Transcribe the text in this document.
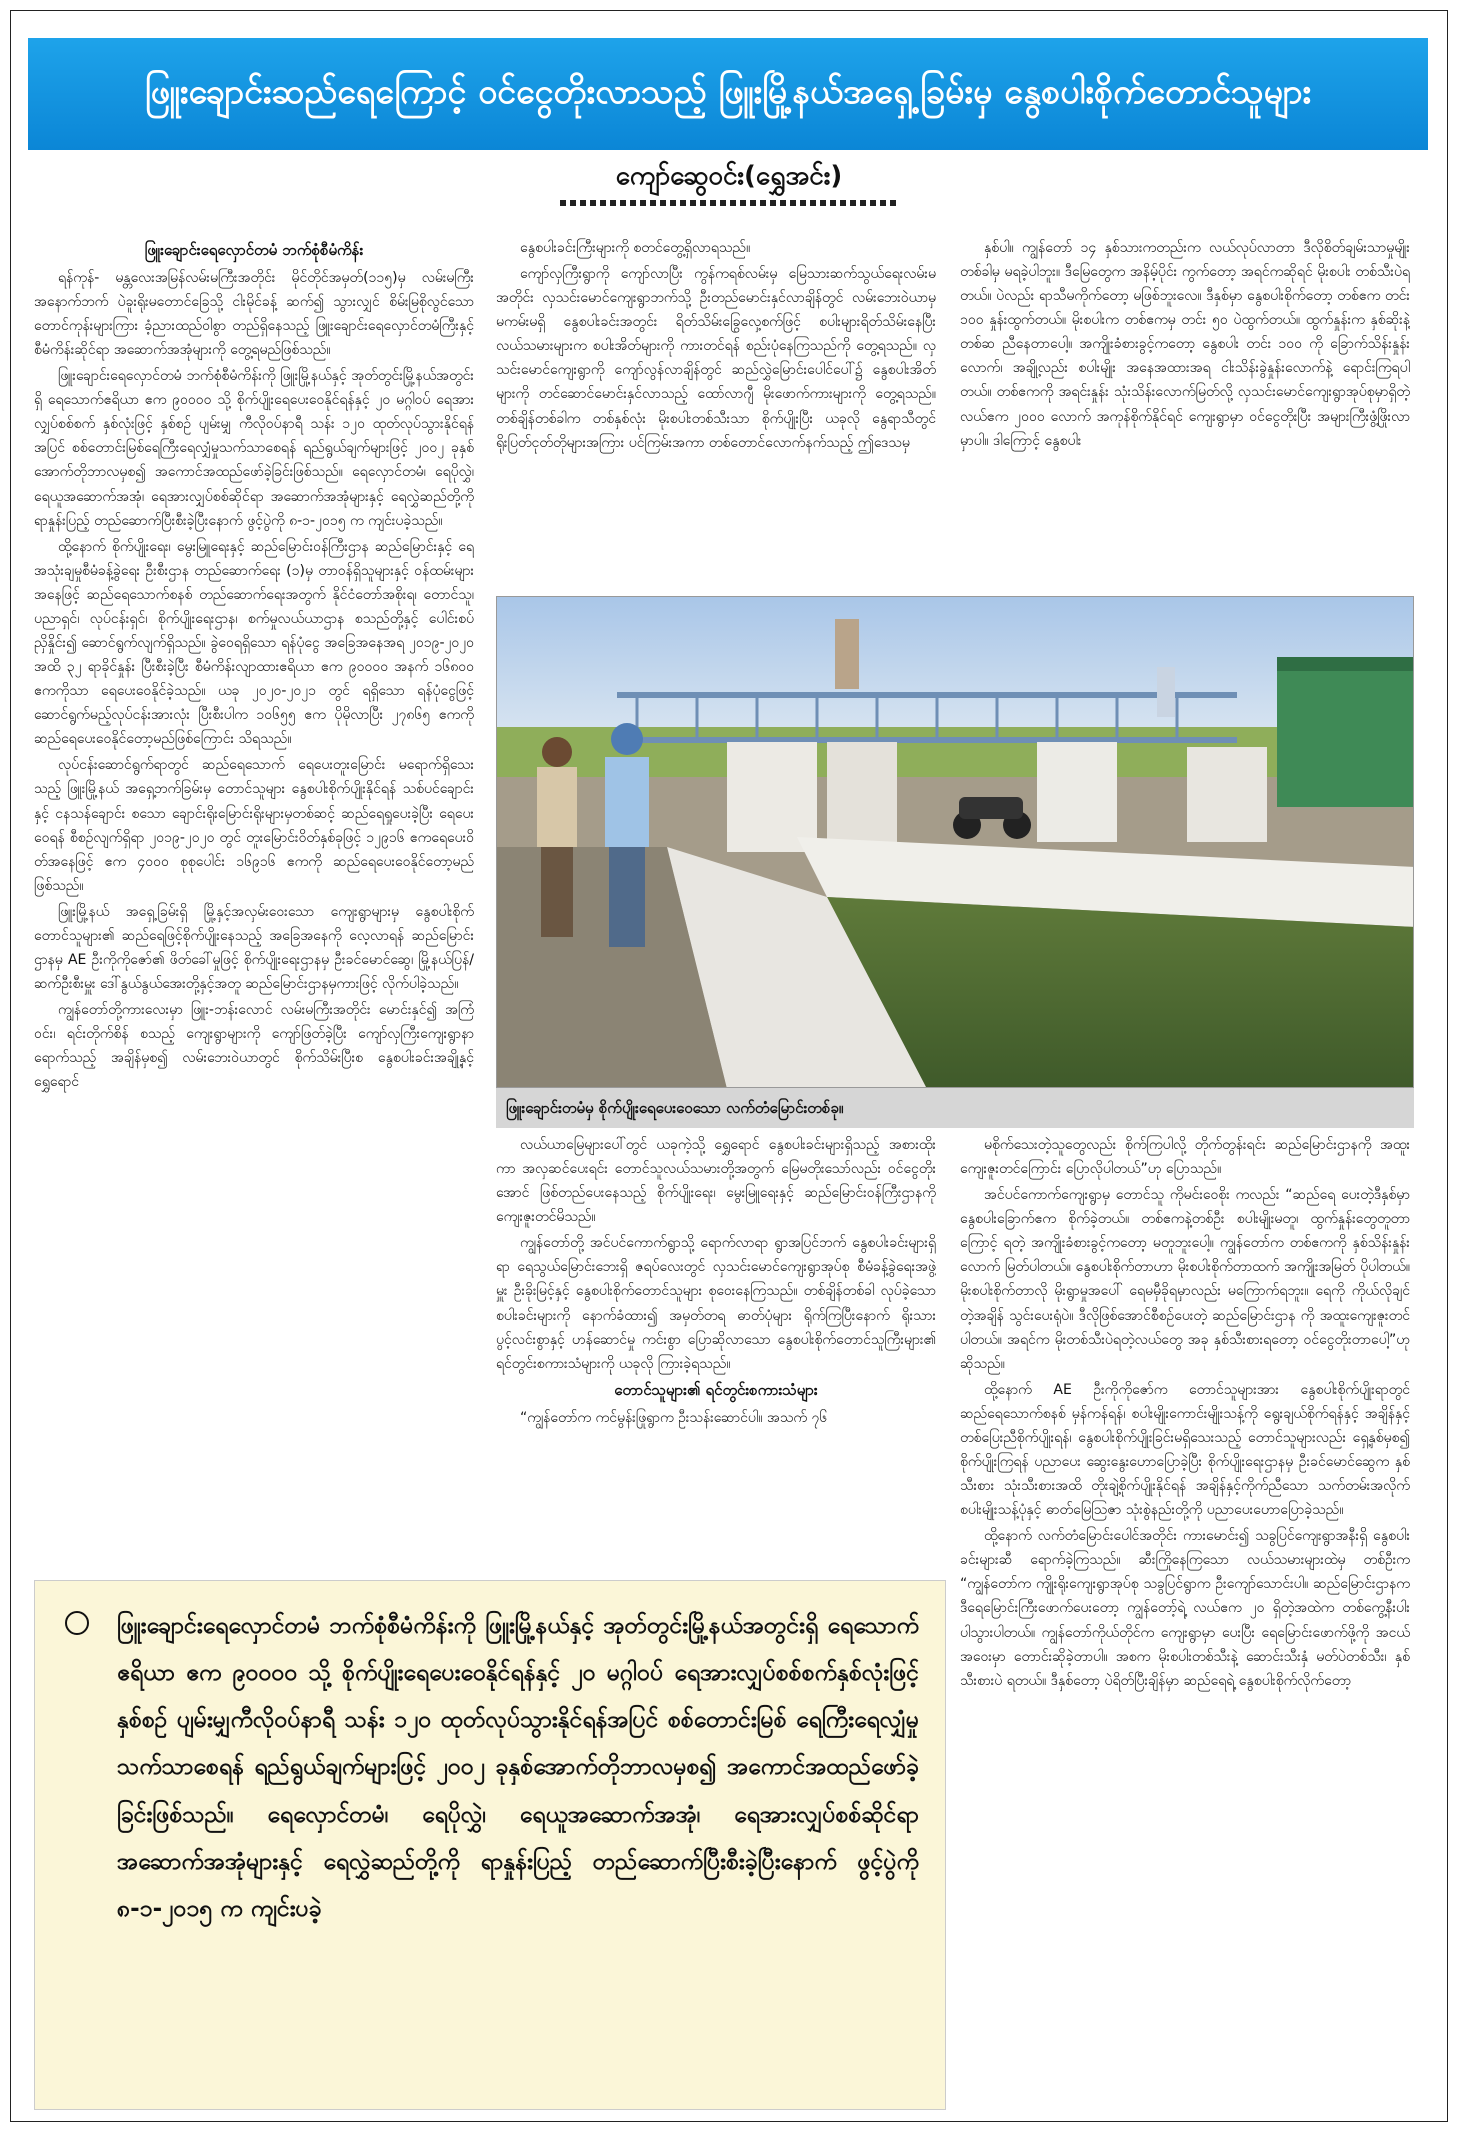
ဖြူးချောင်းဆည်ရေကြောင့် ဝင်ငွေတိုးလာသည့် ဖြူးမြို့နယ်အရှေ့ခြမ်းမှ နွေစပါးစိုက်တောင်သူများ
ကျော်ဆွေဝင်း(ရွှေအင်း)
ဖြူးချောင်းရေလှောင်တမံ ဘက်စုံစီမံကိန်း

ရန်ကုန်- မန္တလေးအမြန်လမ်းမကြီးအတိုင်း မိုင်တိုင်အမှတ်(၁၁၅)မှ လမ်းမကြီးအနောက်ဘက် ပဲခူးရိုးမတောင်ခြေသို့ ငါးမိုင်ခန့် ဆက်၍ သွားလျှင် စိမ်းမြစိုလွင်သော တောင်ကုန်းများကြား ခံ့ညားထည်ဝါစွာ တည်ရှိနေသည့် ဖြူးချောင်းရေလှောင်တမံကြီးနှင့် စီမံကိန်းဆိုင်ရာ အဆောက်အအုံများကို တွေ့ရမည်ဖြစ်သည်။

ဖြူးချောင်းရေလှောင်တမံ ဘက်စုံစီမံကိန်းကို ဖြူးမြို့နယ်နှင့် အုတ်တွင်းမြို့နယ်အတွင်းရှိ ရေသောက်ဧရိယာ ဧက ၉၀၀၀၀ သို့ စိုက်ပျိုးရေပေးဝေနိုင်ရန်နှင့် ၂၀ မဂ္ဂါဝပ် ရေအားလျှပ်စစ်စက် နှစ်လုံးဖြင့် နှစ်စဉ် ပျမ်းမျှ ကီလိုဝပ်နာရီ သန်း ၁၂၀ ထုတ်လုပ်သွားနိုင်ရန်အပြင် စစ်တောင်းမြစ်ရေကြီးရေလျှံမှုသက်သာစေရန် ရည်ရွယ်ချက်များဖြင့် ၂၀၀၂ ခုနှစ် အောက်တိုဘာလမှစ၍ အကောင်အထည်ဖော်ခဲ့ခြင်းဖြစ်သည်။ ရေလှောင်တမံ၊ ရေပိုလွှဲ၊ ရေယူအဆောက်အအုံ၊ ရေအားလျှပ်စစ်ဆိုင်ရာ အဆောက်အအုံများနှင့် ရေလွှဲဆည်တို့ကို ရာနှုန်းပြည့် တည်ဆောက်ပြီးစီးခဲ့ပြီးနောက် ဖွင့်ပွဲကို ၈-၁-၂၀၁၅ က ကျင်းပခဲ့သည်။

ထို့နောက် စိုက်ပျိုးရေး၊ မွေးမြူရေးနှင့် ဆည်မြောင်းဝန်ကြီးဌာန ဆည်မြောင်းနှင့် ရေအသုံးချမှုစီမံခန့်ခွဲရေး ဦးစီးဌာန တည်ဆောက်ရေး (၁)မှ တာဝန်ရှိသူများနှင့် ဝန်ထမ်းများအနေဖြင့် ဆည်ရေသောက်စနစ် တည်ဆောက်ရေးအတွက် နိုင်ငံတော်အစိုးရ၊ တောင်သူ၊ ပညာရှင်၊ လုပ်ငန်းရှင်၊ စိုက်ပျိုးရေးဌာန၊ စက်မှုလယ်ယာဌာန စသည်တို့နှင့် ပေါင်းစပ်ညှိနှိုင်း၍ ဆောင်ရွက်လျက်ရှိသည်။ ခွဲဝေရရှိသော ရန်ပုံငွေ အခြေအနေအရ ၂၀၁၉-၂၀၂၀ အထိ ၃၂ ရာခိုင်နှုန်း ပြီးစီးခဲ့ပြီး စီမံကိန်းလျာထားဧရိယာ ဧက ၉၀၀၀၀ အနက် ၁၆၈၀၀ ဧကကိုသာ ရေပေးဝေနိုင်ခဲ့သည်။ ယခု ၂၀၂၀-၂၀၂၁ တွင် ရရှိသော ရန်ပုံငွေဖြင့် ဆောင်ရွက်မည့်လုပ်ငန်းအားလုံး ပြီးစီးပါက ၁၀၆၅၅ ဧက ပိုမိုလာပြီး ၂၇၈၆၅ ဧကကို ဆည်ရေပေးဝေနိုင်တော့မည်ဖြစ်ကြောင်း သိရသည်။

လုပ်ငန်းဆောင်ရွက်ရာတွင် ဆည်ရေသောက် ရေပေးတူးမြောင်း မရောက်ရှိသေးသည့် ဖြူးမြို့နယ် အရှေ့ဘက်ခြမ်းမှ တောင်သူများ နွေစပါးစိုက်ပျိုးနိုင်ရန် သစ်ပင်ချောင်းနှင့် ငနသန်ချောင်း စသော ချောင်းရိုးမြောင်းရိုးများမှတစ်ဆင့် ဆည်ရေရှုပေးခဲ့ပြီး ရေပေးဝေရန် စီစဉ်လျက်ရှိရာ ၂၀၁၉-၂၀၂၀ တွင် တူးမြောင်းဝိတ်နှစ်ခုဖြင့် ၁၂၉၁၆ ဧကရေပေးဝိတ်အနေဖြင့် ဧက ၄၀၀၀ စုစုပေါင်း ၁၆၉၁၆ ဧကကို ဆည်ရေပေးဝေနိုင်တော့မည်ဖြစ်သည်။

ဖြူးမြို့နယ် အရှေ့ခြမ်းရှိ မြို့နှင့်အလှမ်းဝေးသော ကျေးရွာများမှ နွေစပါးစိုက်တောင်သူများ၏ ဆည်ရေဖြင့်စိုက်ပျိုးနေသည့် အခြေအနေကို လေ့လာရန် ဆည်မြောင်းဌာနမှ AE ဦးကိုကိုဇော်၏ ဖိတ်ခေါ်မှုဖြင့် စိုက်ပျိုးရေးဌာနမှ ဦးခင်မောင်ဆွေ၊ မြို့နယ်ပြန်/ဆက်ဦးစီးမှူး ဒေါ်နွယ်နွယ်အေးတို့နှင့်အတူ ဆည်မြောင်းဌာနမှကားဖြင့် လိုက်ပါခဲ့သည်။

ကျွန်တော်တို့ကားလေးမှာ ဖြူး-ဘန်းလောင် လမ်းမကြီးအတိုင်း မောင်းနှင်၍ အကြံဝင်း၊ ရင်းတိုက်စိန် စသည့် ကျေးရွာများကို ကျော်ဖြတ်ခဲ့ပြီး ကျော်လှကြီးကျေးရွာနာရောက်သည့် အချိန်မှစ၍ လမ်းဘေးဝဲယာတွင် စိုက်သိမ်းပြီးစ နွေစပါးခင်းအချို့နှင့် ရွှေရောင်

နွေစပါးခင်းကြီးများကို စတင်တွေ့ရှိလာရသည်။

ကျော်လှကြီးရွာကို ကျော်လာပြီး ကွန်ကရစ်လမ်းမှ မြေသားဆက်သွယ်ရေးလမ်းမအတိုင်း လှသင်းမောင်ကျေးရွာဘက်သို့ ဦးတည်မောင်းနှင်လာချိန်တွင် လမ်းဘေးဝဲယာမှ မကမ်းမရှိ နွေစပါးခင်းအတွင်း ရိတ်သိမ်းခြွေလှေ့စက်ဖြင့် စပါးများရိတ်သိမ်းနေပြီး လယ်သမားများက စပါးအိတ်များကို ကားတင်ရန် စည်းပုံနေကြသည်ကို တွေ့ရသည်။ လှသင်းမောင်ကျေးရွာကို ကျော်လွန်လာချိန်တွင် ဆည်လွှဲမြောင်းပေါင်ပေါ်၌ နွေစပါးအိတ်များကို တင်ဆောင်မောင်းနှင်လာသည့် ထော်လာဂျီ မိုးဖောက်ကားများကို တွေ့ရသည်။ တစ်ချိန်တစ်ခါက တစ်နှစ်လုံး မိုးစပါးတစ်သီးသာ စိုက်ပျိုးပြီး ယခုလို နွေရာသီတွင် ရိုးပြတ်ငုတ်တိုများအကြား ပင်ကြမ်းအကာ တစ်တောင်လောက်နက်သည့် ဤဒေသမှ

နှစ်ပါ။ ကျွန်တော် ၁၄ နှစ်သားကတည်းက လယ်လုပ်လာတာ ဒီလိုစိတ်ချမ်းသာမှုမျိုး တစ်ခါမှ မရခဲ့ပါဘူး။ ဒီမြေတွေက အနိမ့်ပိုင်း ကွက်တော့ အရင်ကဆိုရင် မိုးစပါး တစ်သီးပဲရတယ်။ ပဲလည်း ရာသီမကိုက်တော့ မဖြစ်ဘူးလေ။ ဒီနှစ်မှာ နွေစပါးစိုက်တော့ တစ်ဧက တင်း ၁၀၀ နှုန်းထွက်တယ်။ မိုးစပါးက တစ်ဧကမှ တင်း ၅၀ ပဲထွက်တယ်။ ထွက်နှုန်းက နှစ်ဆိုးနဲ့တစ်ဆ ညီနေတာပေါ့။ အကျိုးခံစားခွင့်ကတော့ နွေစပါး တင်း ၁၀၀ ကို ခြောက်သိန်းနှုန်းလောက်၊ အချို့လည်း စပါးမျိုး အနေအထားအရ ငါးသိန်းခွဲနှုန်းလောက်နဲ့ ရောင်းကြရပါတယ်။ တစ်ဧကကို အရင်းနှုန်း သုံးသိန်းလောက်မြတ်လို့ လှသင်းမောင်ကျေးရွာအုပ်စုမှာရှိတဲ့ လယ်ဧက ၂၀၀၀ လောက် အကုန်စိုက်နိုင်ရင် ကျေးရွာမှာ ဝင်ငွေတိုးပြီး အများကြီးဖွံ့ဖြိုးလာမှာပါ။ ဒါကြောင့် နွေစပါး

ဖြူးချောင်းတမံမှ စိုက်ပျိုးရေပေးဝေသော လက်တံမြောင်းတစ်ခု။

လယ်ယာမြေများပေါ်တွင် ယခုကဲ့သို့ ရွှေရောင် နွေစပါးခင်းများရှိသည့် အစားထိုးကာ အလှဆင်ပေးရင်း တောင်သူလယ်သမားတို့အတွက် မြေမတိုးသော်လည်း ဝင်ငွေတိုးအောင် ဖြစ်တည်ပေးနေသည့် စိုက်ပျိုးရေး၊ မွေးမြူရေးနှင့် ဆည်မြောင်းဝန်ကြီးဌာနကို ကျေးဇူးတင်မိသည်။

ကျွန်တော်တို့ အင်ပင်ကောက်ရွာသို့ ရောက်လာရာ ရွာအပြင်ဘက် နွေစပါးခင်းများရှိရာ ရေသွယ်မြောင်းဘေးရှိ ဇရပ်လေးတွင် လှသင်းမောင်ကျေးရွာအုပ်စု စီမံခန့်ခွဲရေးအဖွဲ့ မှူး ဦးခိုးမြင့်နှင့် နွေစပါးစိုက်တောင်သူများ စုဝေးနေကြသည်။ တစ်ချိန်တစ်ခါ လုပ်ခဲ့သောစပါးခင်းများကို နောက်ခံထား၍ အမှတ်တရ ဓာတ်ပုံများ ရိုက်ကြပြီးနောက် ရိုးသားပွင့်လင်းစွာနှင့် ဟန်ဆောင်မှု ကင်းစွာ ပြောဆိုလာသော နွေစပါးစိုက်တောင်သူကြီးများ၏ ရင်တွင်းစကားသံများကို ယခုလို ကြားခဲ့ရသည်။

တောင်သူများ၏ ရင်တွင်းစကားသံများ

“ကျွန်တော်က ကင်မွန်းဖြုရွာက ဦးသန်းဆောင်ပါ။ အသက် ၇၆

မစိုက်သေးတဲ့သူတွေလည်း စိုက်ကြပါလို့ တိုက်တွန်းရင်း ဆည်မြောင်းဌာနကို အထူးကျေးဇူးတင်ကြောင်း ပြောလိုပါတယ်”ဟု ပြောသည်။

အင်ပင်ကောက်ကျေးရွာမှ တောင်သူ ကိုမင်းဝေစိုး ကလည်း “ဆည်ရေ ပေးတဲ့ဒီနှစ်မှာ နွေစပါးခြောက်ဧက စိုက်ခဲ့တယ်။ တစ်ဧကနဲ့တစ်ဦး စပါးမျိုးမတူ၊ ထွက်နှုန်းတွေတူတာကြောင့် ရတဲ့ အကျိုးခံစားခွင့်ကတော့ မတူဘူးပေါ့။ ကျွန်တော်က တစ်ဧကကို နှစ်သိန်းနှုန်းလောက် မြတ်ပါတယ်။ နွေစပါးစိုက်တာဟာ မိုးစပါးစိုက်တာထက် အကျိုးအမြတ် ပိုပါတယ်။ မိုးစပါးစိုက်တာလို မိုးရွာမှုအပေါ် ရေမမှီခိုရမှာလည်း မကြောက်ရဘူး။ ရေကို ကိုယ်လိုချင်တဲ့အချိန် သွင်းပေးရုံပဲ။ ဒီလိုဖြစ်အောင်စီစဉ်ပေးတဲ့ ဆည်မြောင်းဌာန ကို အထူးကျေးဇူးတင်ပါတယ်။ အရင်က မိုးတစ်သီးပဲရတဲ့လယ်တွေ အခု နှစ်သီးစားရတော့ ဝင်ငွေတိုးတာပေါ့”ဟု ဆိုသည်။

ထို့နောက် AE ဦးကိုကိုဇော်က တောင်သူများအား နွေစပါးစိုက်ပျိုးရာတွင် ဆည်ရေသောက်စနစ် မှန်ကန်ရန်၊ စပါးမျိုးကောင်းမျိုးသန့်ကို ရွေးချယ်စိုက်ရန်နှင့် အချိန်နှင့်တစ်ပြေးညီစိုက်ပျိုးရန်၊ နွေစပါးစိုက်ပျိုးခြင်းမရှိသေးသည့် တောင်သူများလည်း ရှေ့နှစ်မှစ၍ စိုက်ပျိုးကြရန် ပညာပေး ဆွေးနွေးဟောပြောခဲ့ပြီး စိုက်ပျိုးရေးဌာနမှ ဦးခင်မောင်ဆွေက နှစ်သီးစား သုံးသီးစားအထိ တိုးချဲ့စိုက်ပျိုးနိုင်ရန် အချိန်နှင့်ကိုက်ညီသော သက်တမ်းအလိုက် စပါးမျိုးသန့်ပုံနှင့် ဓာတ်မြေဩဇာ သုံးစွဲနည်းတို့ကို ပညာပေးဟောပြောခဲ့သည်။

ထို့နောက် လက်တံမြောင်းပေါင်အတိုင်း ကားမောင်း၍ သခွပြင်ကျေးရွာအနီးရှိ နွေစပါးခင်းများဆီ ရောက်ခဲ့ကြသည်။ ဆီးကြိုနေကြသော လယ်သမားများထဲမှ တစ်ဦးက “ကျွန်တော်က ကျိုးရိုးကျေးရွာအုပ်စု သခွပြင်ရွာက ဦးကျော်သောင်းပါ။ ဆည်မြောင်းဌာနက ဒီရေမြောင်းကြီးဖောက်ပေးတော့ ကျွန်တော့်ရဲ့ လယ်ဧက ၂၀ ရှိတဲ့အထဲက တစ်ကွေ့နီးပါး ပါသွားပါတယ်။ ကျွန်တော်ကိုယ်တိုင်က ကျေးရွာမှာ ပေးပြီး ရေမြောင်းဖောက်ဖို့ကို အငယ်အဝေးမှာ တောင်းဆိုခဲ့တာပါ။ အစက မိုးစပါးတစ်သီးနဲ့ ဆောင်းသီးနှံ မတ်ပဲတစ်သီး၊ နှစ်သီးစားပဲ ရတယ်။ ဒီနှစ်တော့ ပဲရိတ်ပြီးချိန်မှာ ဆည်ရေရဲ့ နွေစပါးစိုက်လိုက်တော့

ဖြူးချောင်းရေလှောင်တမံ ဘက်စုံစီမံကိန်းကို ဖြူးမြို့နယ်နှင့် အုတ်တွင်းမြို့နယ်အတွင်းရှိ ရေသောက်ဧရိယာ ဧက ၉၀၀၀၀ သို့ စိုက်ပျိုးရေပေးဝေနိုင်ရန်နှင့် ၂၀ မဂ္ဂါဝပ် ရေအားလျှပ်စစ်စက်နှစ်လုံးဖြင့် နှစ်စဉ် ပျမ်းမျှကီလိုဝပ်နာရီ သန်း ၁၂၀ ထုတ်လုပ်သွားနိုင်ရန်အပြင် စစ်တောင်းမြစ် ရေကြီးရေလျှံမှုသက်သာစေရန် ရည်ရွယ်ချက်များဖြင့် ၂၀၀၂ ခုနှစ်အောက်တိုဘာလမှစ၍ အကောင်အထည်ဖော်ခဲ့ခြင်းဖြစ်သည်။ ရေလှောင်တမံ၊ ရေပိုလွှဲ၊ ရေယူအဆောက်အအုံ၊ ရေအားလျှပ်စစ်ဆိုင်ရာ အဆောက်အအုံများနှင့် ရေလွှဲဆည်တို့ကို ရာနှုန်းပြည့် တည်ဆောက်ပြီးစီးခဲ့ပြီးနောက် ဖွင့်ပွဲကို ၈-၁-၂၀၁၅ က ကျင်းပခဲ့
